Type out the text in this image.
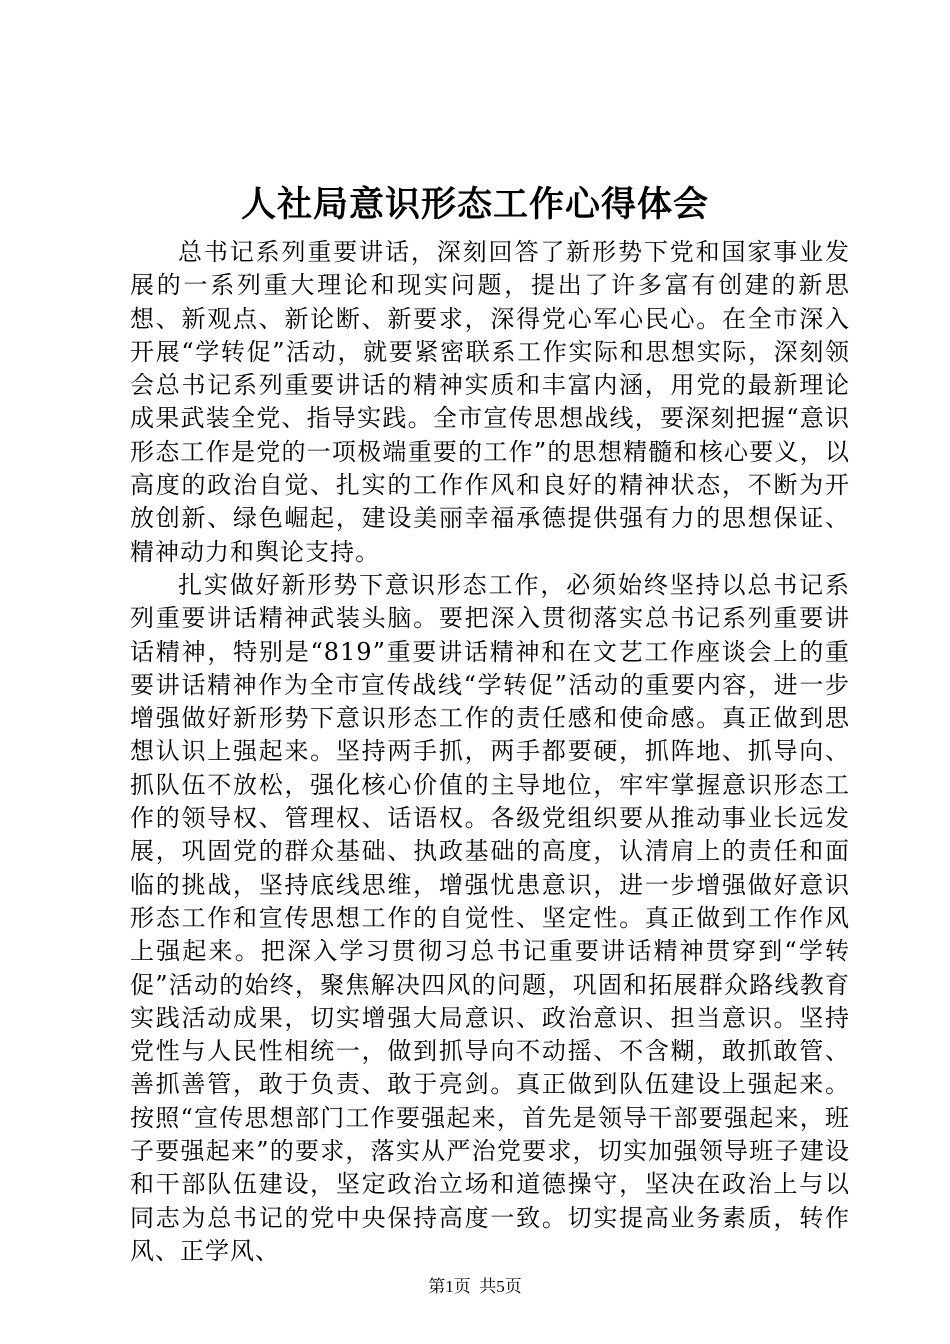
人社局意识形态工作心得体会

总书记系列重要讲话，深刻回答了新形势下党和国家事业发展的一系列重大理论和现实问题，提出了许多富有创建的新思想、新观点、新论断、新要求，深得党心军心民心。在全市深入开展“学转促”活动，就要紧密联系工作实际和思想实际，深刻领会总书记系列重要讲话的精神实质和丰富内涵，用党的最新理论成果武装全党、指导实践。全市宣传思想战线，要深刻把握“意识形态工作是党的一项极端重要的工作”的思想精髓和核心要义，以高度的政治自觉、扎实的工作作风和良好的精神状态，不断为开放创新、绿色崛起，建设美丽幸福承德提供强有力的思想保证、精神动力和舆论支持。

扎实做好新形势下意识形态工作，必须始终坚持以总书记系列重要讲话精神武装头脑。要把深入贯彻落实总书记系列重要讲话精神，特别是“819”重要讲话精神和在文艺工作座谈会上的重要讲话精神作为全市宣传战线“学转促”活动的重要内容，进一步增强做好新形势下意识形态工作的责任感和使命感。真正做到思想认识上强起来。坚持两手抓，两手都要硬，抓阵地、抓导向、抓队伍不放松，强化核心价值的主导地位，牢牢掌握意识形态工作的领导权、管理权、话语权。各级党组织要从推动事业长远发展，巩固党的群众基础、执政基础的高度，认清肩上的责任和面临的挑战，坚持底线思维，增强忧患意识，进一步增强做好意识形态工作和宣传思想工作的自觉性、坚定性。真正做到工作作风上强起来。把深入学习贯彻习总书记重要讲话精神贯穿到“学转促”活动的始终，聚焦解决四风的问题，巩固和拓展群众路线教育实践活动成果，切实增强大局意识、政治意识、担当意识。坚持党性与人民性相统一，做到抓导向不动摇、不含糊，敢抓敢管、善抓善管，敢于负责、敢于亮剑。真正做到队伍建设上强起来。按照“宣传思想部门工作要强起来，首先是领导干部要强起来，班子要强起来”的要求，落实从严治党要求，切实加强领导班子建设和干部队伍建设，坚定政治立场和道德操守，坚决在政治上与以同志为总书记的党中央保持高度一致。切实提高业务素质，转作风、正学风、

第1页 共5页
